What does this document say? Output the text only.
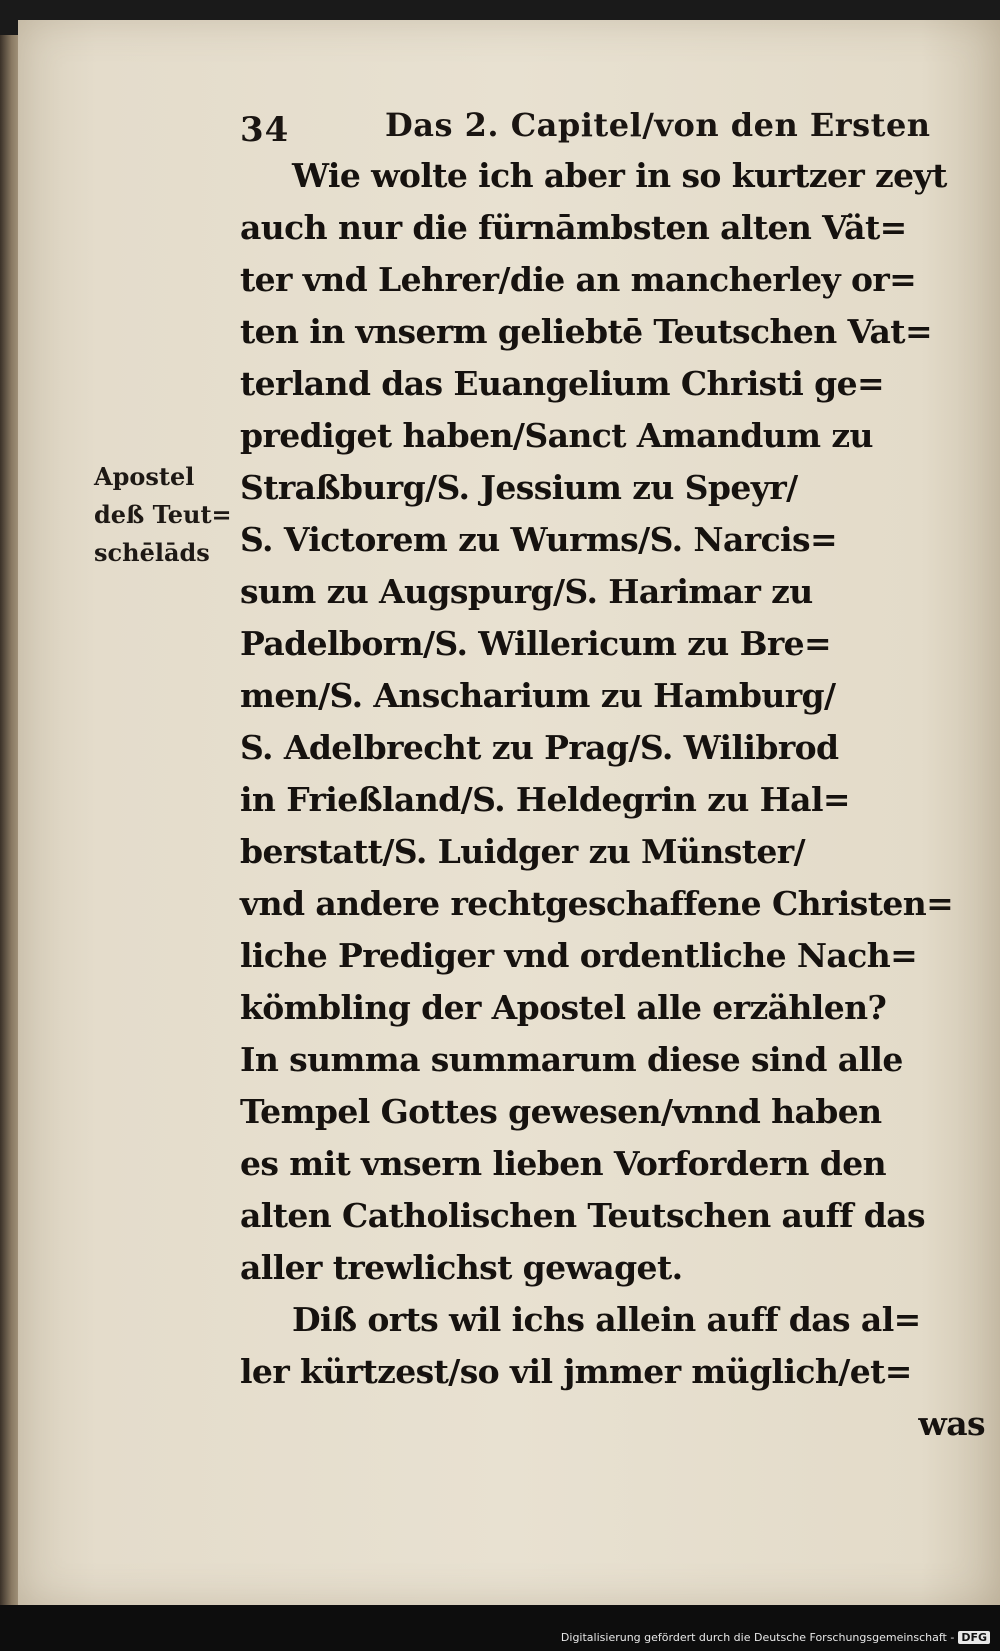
34	Das 2. Capitel/von den Ersten
Apostel
deß Teut=
schēlāds
Wie wolte ich aber in so kurtzer zeyt
auch nur die fürnāmbsten alten Vät=
ter vnd Lehrer/die an mancherley or=
ten in vnserm geliebtē Teutschen Vat=
terland das Euangelium Christi ge=
prediget haben/Sanct Amandum zu
Straßburg/S. Jessium zu Speyr/
S. Victorem zu Wurms/S. Narcis=
sum zu Augspurg/S. Harimar zu
Padelborn/S. Willericum zu Bre=
men/S. Anscharium zu Hamburg/
S. Adelbrecht zu Prag/S. Wilibrod
in Frießland/S. Heldegrin zu Hal=
berstatt/S. Luidger zu Münster/
vnd andere rechtgeschaffene Christen=
liche Prediger vnd ordentliche Nach=
kömbling der Apostel alle erzählen?
In summa summarum diese sind alle
Tempel Gottes gewesen/vnnd haben
es mit vnsern lieben Vorfordern den
alten Catholischen Teutschen auff das
aller trewlichst gewaget.
Diß orts wil ichs allein auff das al=
ler kürtzest/so vil jmmer müglich/et=
was
Digitalisierung gefördert durch die Deutsche Forschungsgemeinschaft - DFG
